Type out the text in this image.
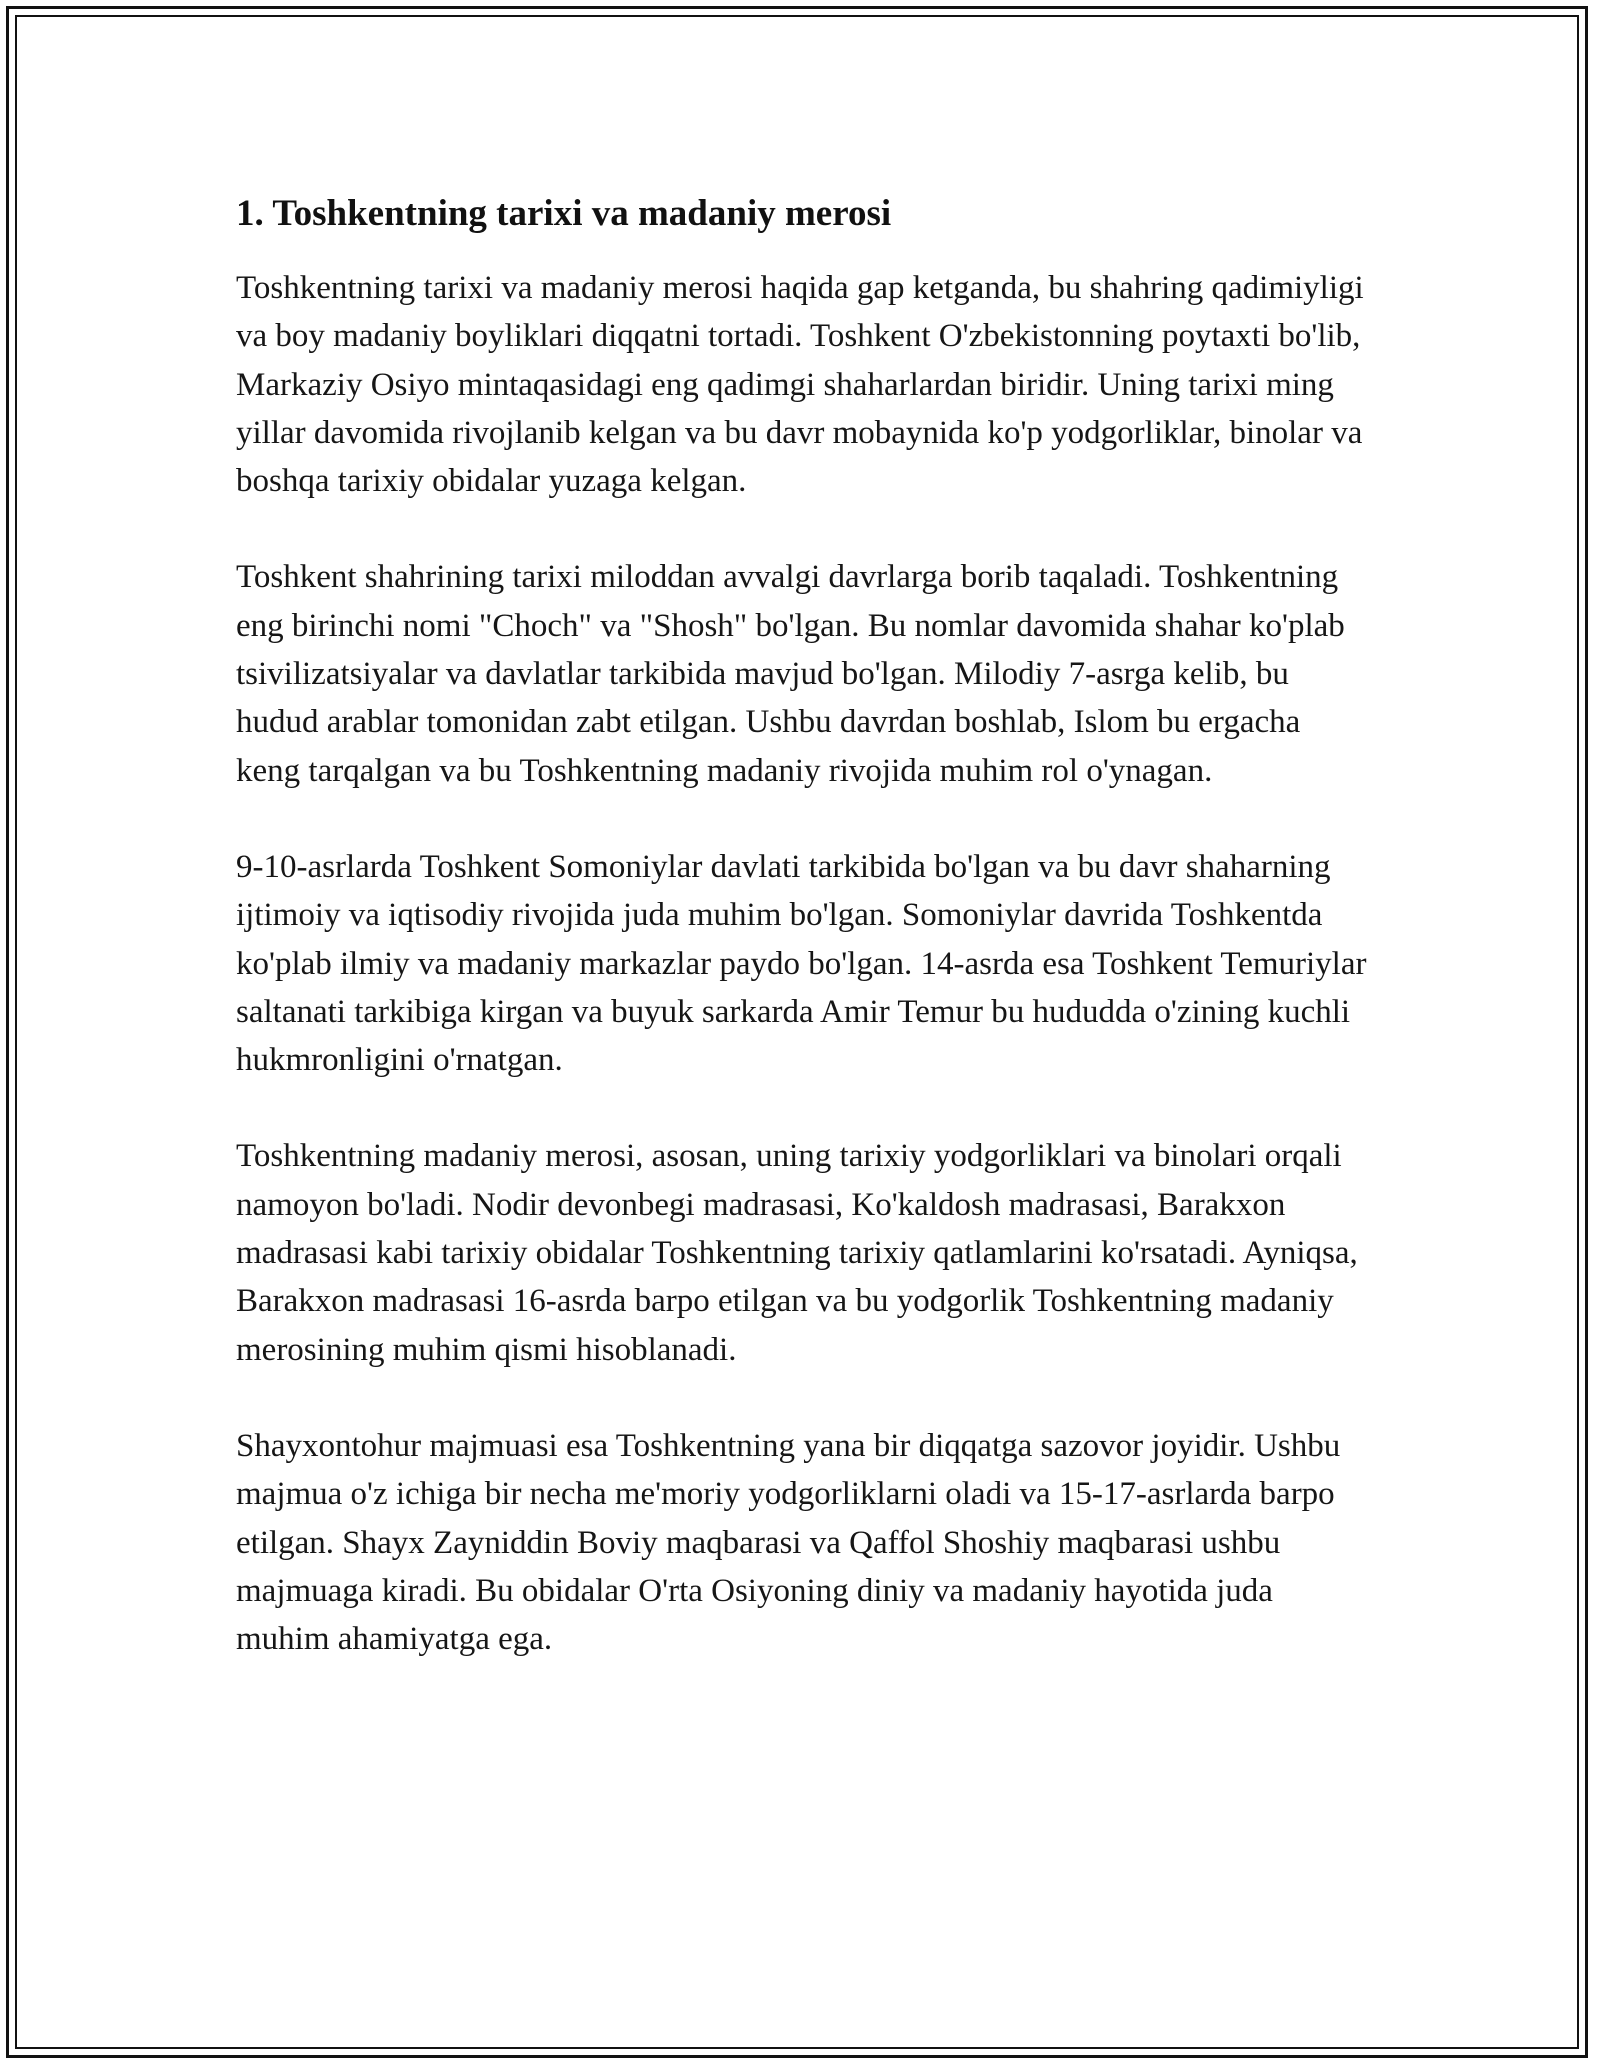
1. Toshkentning tarixi va madaniy merosi

Toshkentning tarixi va madaniy merosi haqida gap ketganda, bu shahring qadimiyligi va boy madaniy boyliklari diqqatni tortadi. Toshkent O'zbekistonning poytaxti bo'lib, Markaziy Osiyo mintaqasidagi eng qadimgi shaharlardan biridir. Uning tarixi ming yillar davomida rivojlanib kelgan va bu davr mobaynida ko'p yodgorliklar, binolar va boshqa tarixiy obidalar yuzaga kelgan.

Toshkent shahrining tarixi miloddan avvalgi davrlarga borib taqaladi. Toshkentning eng birinchi nomi "Choch" va "Shosh" bo'lgan. Bu nomlar davomida shahar ko'plab tsivilizatsiyalar va davlatlar tarkibida mavjud bo'lgan. Milodiy 7-asrga kelib, bu hudud arablar tomonidan zabt etilgan. Ushbu davrdan boshlab, Islom bu ergacha keng tarqalgan va bu Toshkentning madaniy rivojida muhim rol o'ynagan.

9-10-asrlarda Toshkent Somoniylar davlati tarkibida bo'lgan va bu davr shaharning ijtimoiy va iqtisodiy rivojida juda muhim bo'lgan. Somoniylar davrida Toshkentda ko'plab ilmiy va madaniy markazlar paydo bo'lgan. 14-asrda esa Toshkent Temuriylar saltanati tarkibiga kirgan va buyuk sarkarda Amir Temur bu hududda o'zining kuchli hukmronligini o'rnatgan.

Toshkentning madaniy merosi, asosan, uning tarixiy yodgorliklari va binolari orqali namoyon bo'ladi. Nodir devonbegi madrasasi, Ko'kaldosh madrasasi, Barakxon madrasasi kabi tarixiy obidalar Toshkentning tarixiy qatlamlarini ko'rsatadi. Ayniqsa, Barakxon madrasasi 16-asrda barpo etilgan va bu yodgorlik Toshkentning madaniy merosining muhim qismi hisoblanadi.

Shayxontohur majmuasi esa Toshkentning yana bir diqqatga sazovor joyidir. Ushbu majmua o'z ichiga bir necha me'moriy yodgorliklarni oladi va 15-17-asrlarda barpo etilgan. Shayx Zayniddin Boviy maqbarasi va Qaffol Shoshiy maqbarasi ushbu majmuaga kiradi. Bu obidalar O'rta Osiyoning diniy va madaniy hayotida juda muhim ahamiyatga ega.
